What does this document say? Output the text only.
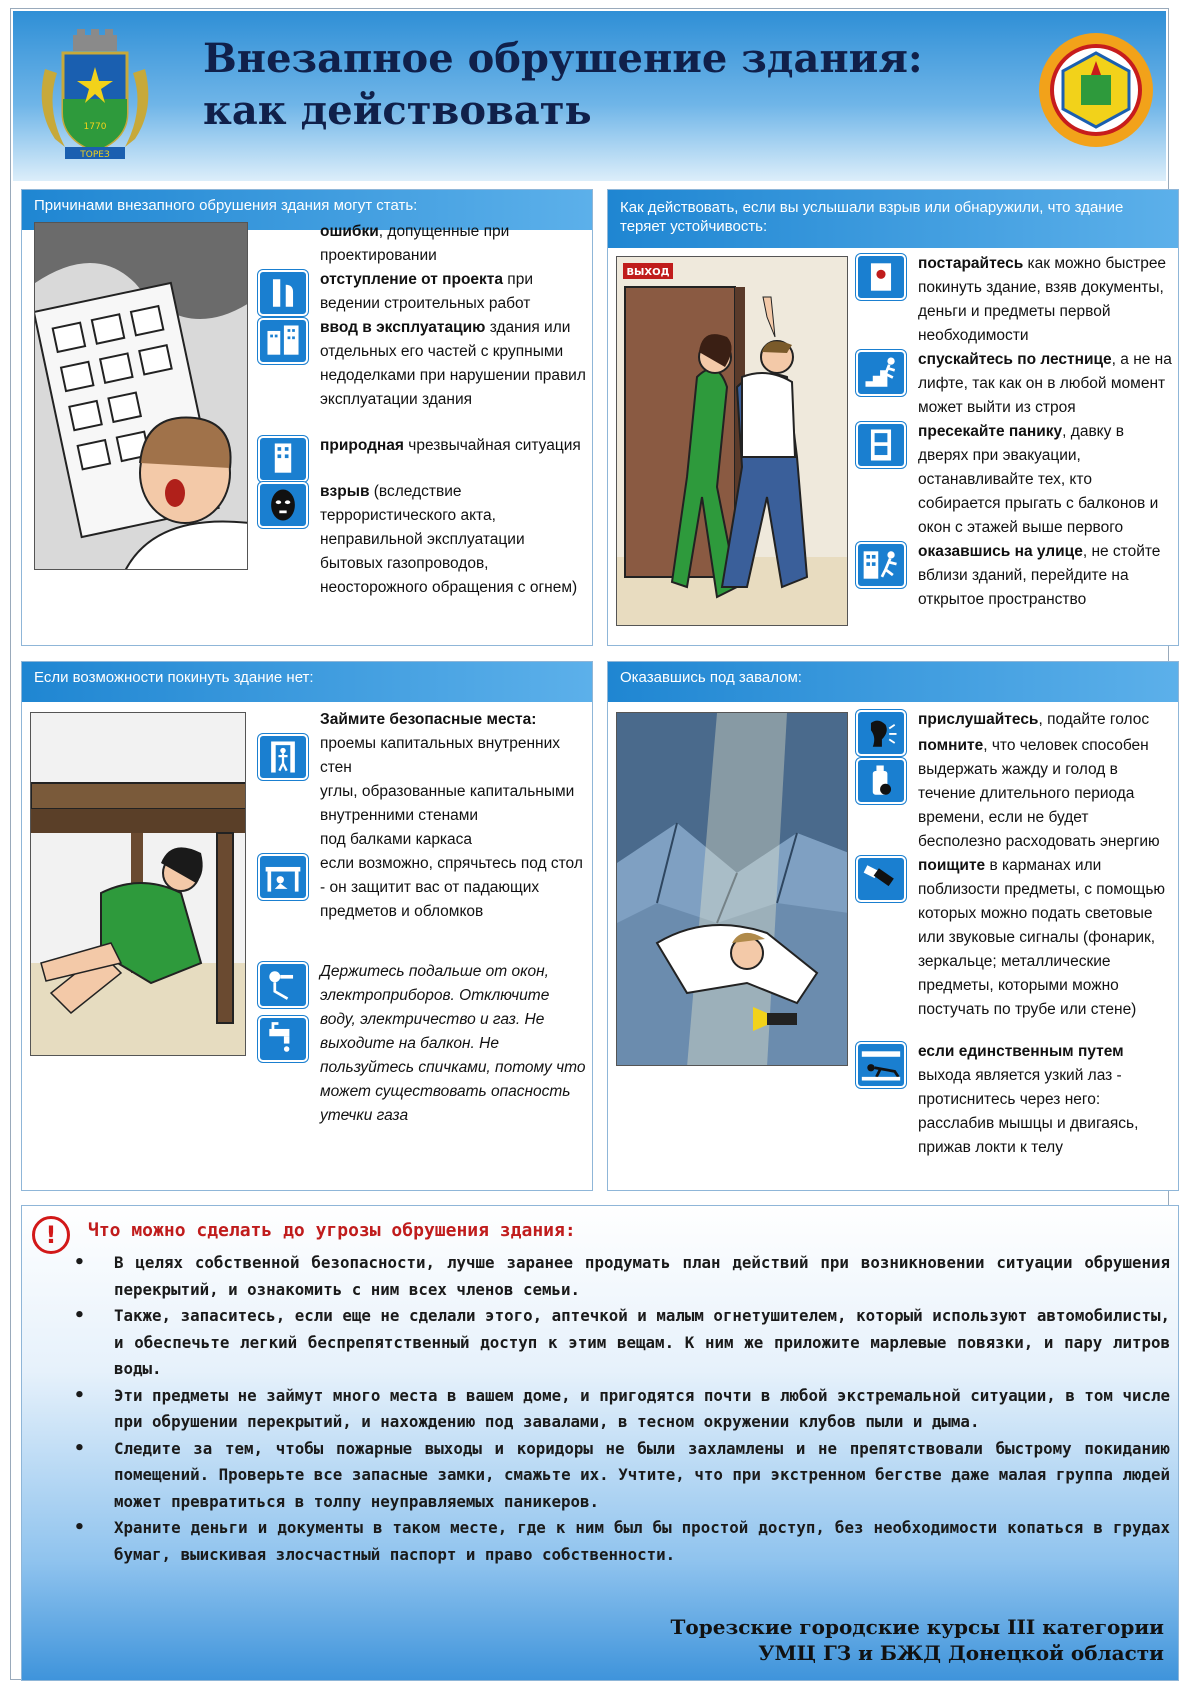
1770
ТОРЕЗ
Внезапное обрушение здания:
как действовать
Причинами внезапного обрушения здания могут стать:
ошибки, допущенные при проектировании
отступление от проекта при ведении строительных работ
ввод в эксплуатацию здания или отдельных его частей с крупными недоделками при нарушении правил эксплуатации здания
природная чрезвычайная ситуация
взрыв (вследствие террористического акта, неправильной эксплуатации бытовых газопроводов, неосторожного обращения с огнем)
Как действовать, если вы услышали взрыв или обнаружили, что здание теряет устойчивость:
ВЫХОД
постарайтесь как можно быстрее покинуть здание, взяв документы, деньги и предметы первой необходимости
спускайтесь по лестнице, а не на лифте, так как он в любой момент может выйти из строя
пресекайте панику, давку в дверях при эвакуации, останавливайте тех, кто собирается прыгать с балконов и окон с этажей выше первого
оказавшись на улице, не стойте вблизи зданий, перейдите на открытое пространство
Если возможности покинуть здание нет:
Займите безопасные места:
проемы капитальных внутренних стен
углы, образованные капитальными внутренними стенами
под балками каркаса
если возможно, спрячьтесь под стол - он защитит вас от падающих предметов и обломков
Держитесь подальше от окон, электроприборов. Отключите воду, электричество и газ. Не выходите на балкон. Не пользуйтесь спичками, потому что может существовать опасность утечки газа
Оказавшись под завалом:
прислушайтесь, подайте голос
помните, что человек способен выдержать жажду и голод в течение длительного периода времени, если не будет бесполезно расходовать энергию
поищите в карманах или поблизости предметы, с помощью которых можно подать световые или звуковые сигналы (фонарик, зеркальце; металлические предметы, которыми можно постучать по трубе или стене)
если единственным путем выхода является узкий лаз - протиснитесь через него: расслабив мышцы и двигаясь, прижав локти к телу
!	Что можно сделать до угрозы обрушения здания:
• В целях собственной безопасности, лучше заранее продумать план действий при возникновении ситуации обрушения перекрытий, и ознакомить с ним всех членов семьи.
• Также, запаситесь, если еще не сделали этого, аптечкой и малым огнетушителем, который используют автомобилисты, и обеспечьте легкий беспрепятственный доступ к этим вещам. К ним же приложите марлевые повязки, и пару литров воды.
• Эти предметы не займут много места в вашем доме, и пригодятся почти в любой экстремальной ситуации, в том числе при обрушении перекрытий, и нахождению под завалами, в тесном окружении клубов пыли и дыма.
• Следите за тем, чтобы пожарные выходы и коридоры не были захламлены и не препятствовали быстрому покиданию помещений. Проверьте все запасные замки, смажьте их. Учтите, что при экстренном бегстве даже малая группа людей может превратиться в толпу неуправляемых паникеров.
• Храните деньги и документы в таком месте, где к ним был бы простой доступ, без необходимости копаться в грудах бумаг, выискивая злосчастный паспорт и право собственности.
Торезские городские курсы III категории
УМЦ ГЗ и БЖД Донецкой области
